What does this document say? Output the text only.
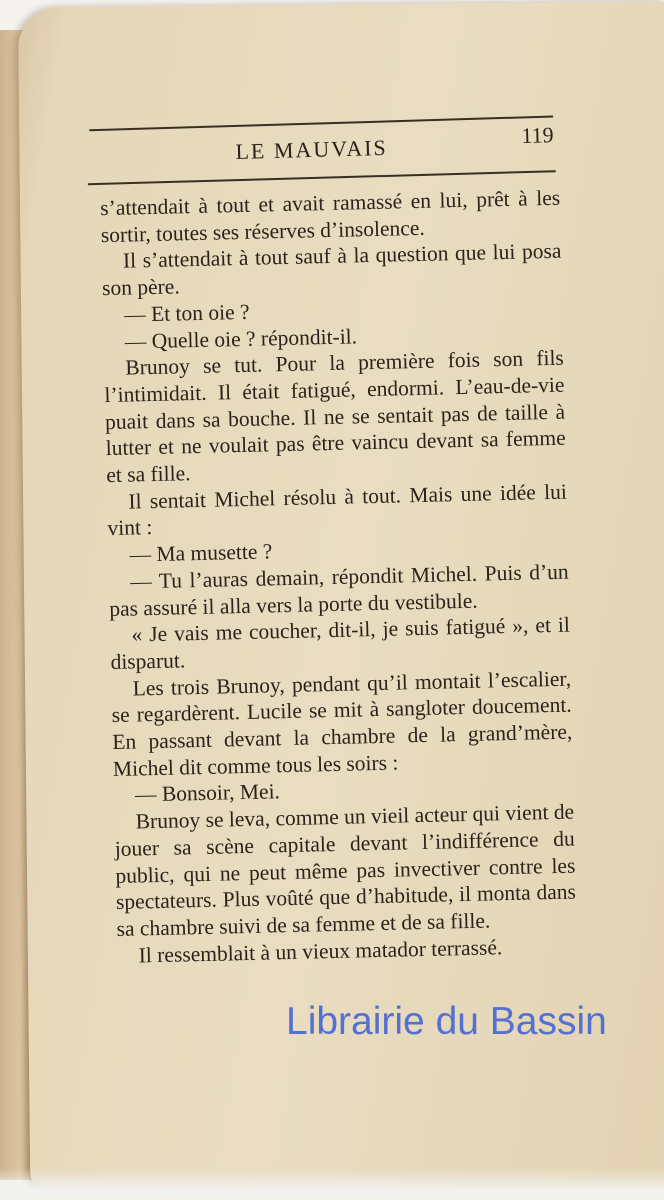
LE MAUVAIS	119

s’attendait à tout et avait ramassé en lui, prêt à les sortir, toutes ses réserves d’insolence.

Il s’attendait à tout sauf à la question que lui posa son père.

— Et ton oie ?

— Quelle oie ? répondit-il.

Brunoy se tut. Pour la première fois son fils l’intimidait. Il était fatigué, endormi. L’eau-de-vie puait dans sa bouche. Il ne se sentait pas de taille à lutter et ne voulait pas être vaincu devant sa femme et sa fille.

Il sentait Michel résolu à tout. Mais une idée lui vint :

— Ma musette ?

— Tu l’auras demain, répondit Michel. Puis d’un pas assuré il alla vers la porte du vestibule.

« Je vais me coucher, dit-il, je suis fatigué », et il disparut.

Les trois Brunoy, pendant qu’il montait l’escalier, se regardèrent. Lucile se mit à sangloter doucement. En passant devant la chambre de la grand’mère, Michel dit comme tous les soirs :

— Bonsoir, Mei.

Brunoy se leva, comme un vieil acteur qui vient de jouer sa scène capitale devant l’indifférence du public, qui ne peut même pas invectiver contre les spectateurs. Plus voûté que d’habitude, il monta dans sa chambre suivi de sa femme et de sa fille.

Il ressemblait à un vieux matador terrassé.

Librairie du Bassin
